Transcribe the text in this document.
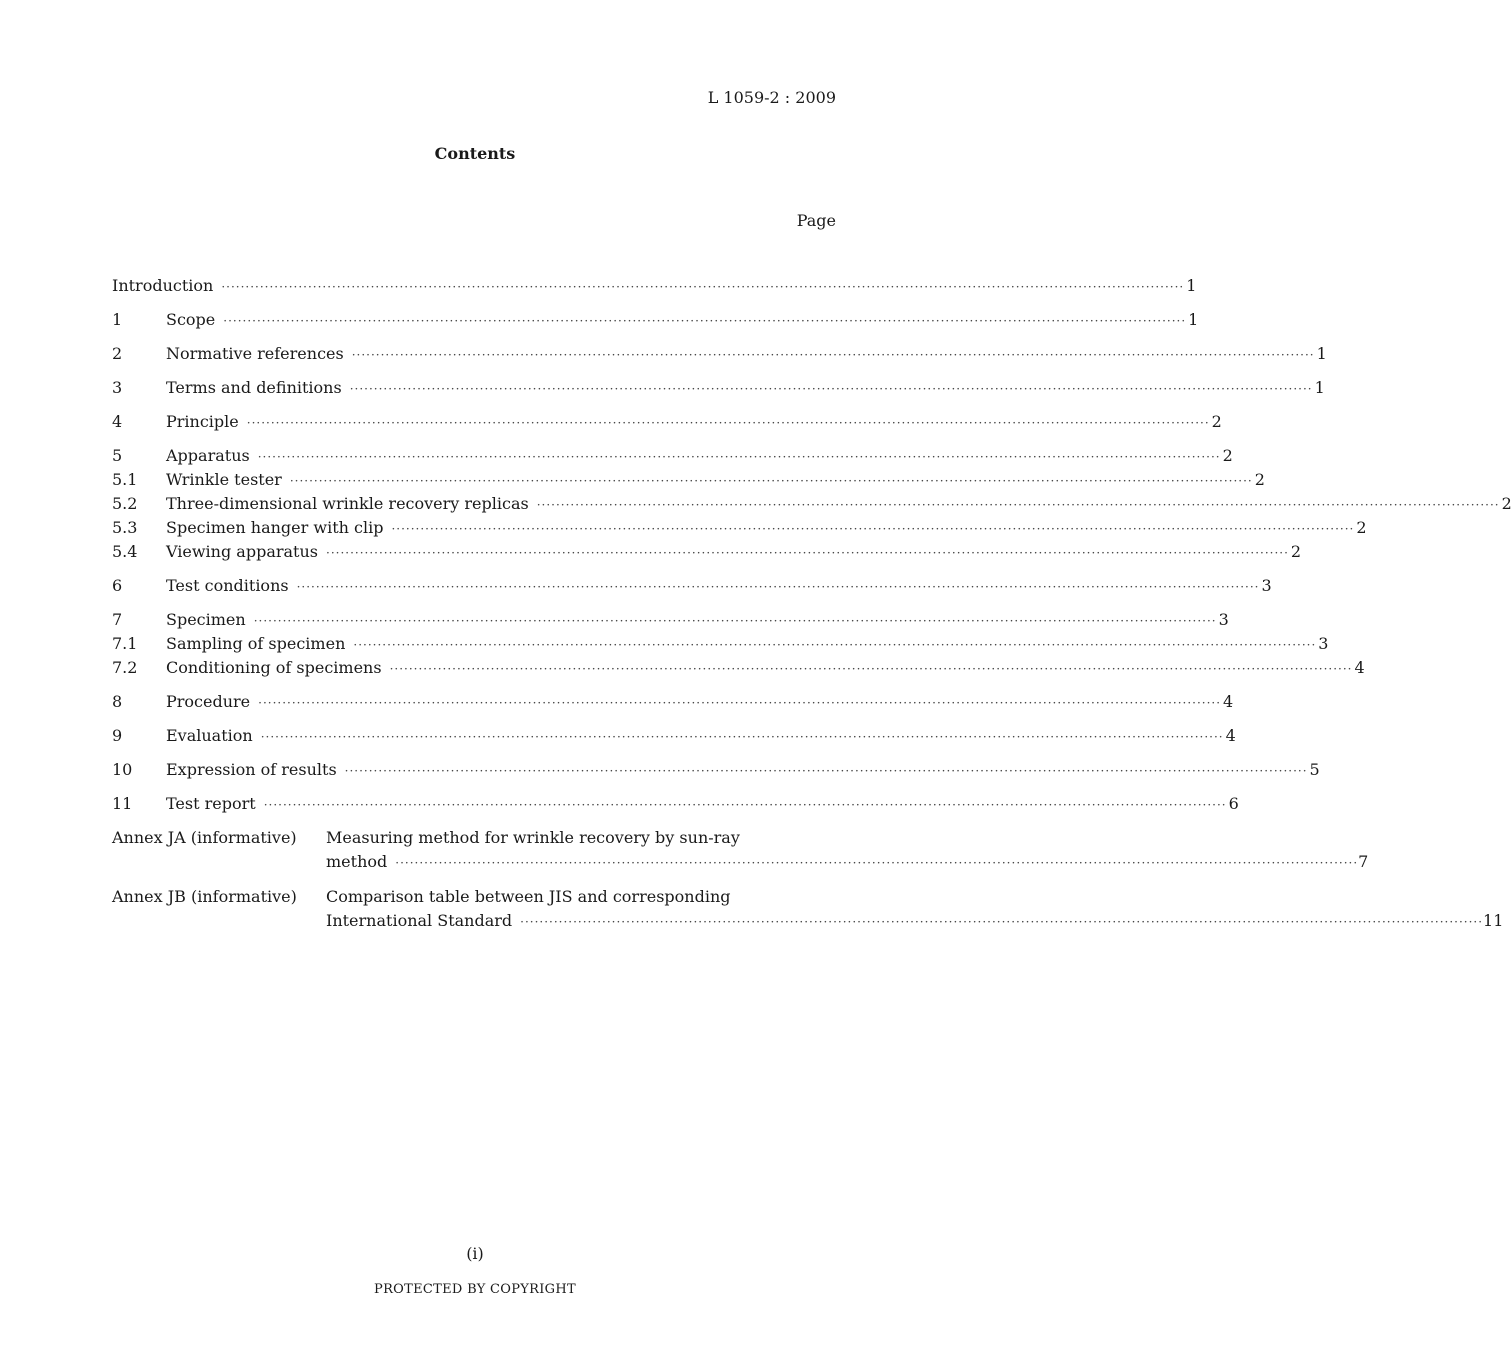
L 1059-2 : 2009
Contents
Page
Introduction ········································································································································································································ 1
1	Scope ········································································································································································································ 1
2	Normative references ········································································································································································································ 1
3	Terms and definitions ········································································································································································································ 1
4	Principle ········································································································································································································ 2
5	Apparatus ········································································································································································································ 2
5.1	Wrinkle tester ········································································································································································································ 2
5.2	Three-dimensional wrinkle recovery replicas ········································································································································································································ 2
5.3	Specimen hanger with clip ········································································································································································································ 2
5.4	Viewing apparatus ········································································································································································································ 2
6	Test conditions ········································································································································································································ 3
7	Specimen ········································································································································································································ 3
7.1	Sampling of specimen ········································································································································································································ 3
7.2	Conditioning of specimens ········································································································································································································ 4
8	Procedure ········································································································································································································ 4
9	Evaluation ········································································································································································································ 4
10	Expression of results ········································································································································································································ 5
11	Test report ········································································································································································································ 6
Annex JA (informative)	Measuring method for wrinkle recovery by sun-ray
method ········································································································································································································ 7
Annex JB (informative)	Comparison table between JIS and corresponding
International Standard ········································································································································································································ 11
(i)
PROTECTED BY COPYRIGHT
